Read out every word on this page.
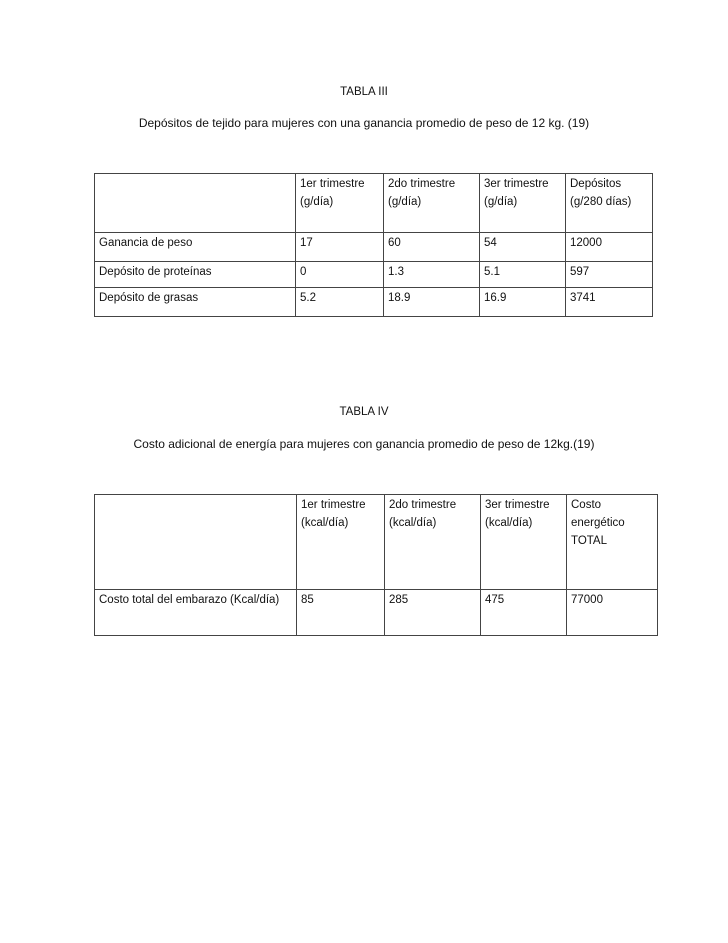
TABLA III
Depósitos de tejido para mujeres con una ganancia promedio de peso de 12 kg. (19)
	1er trimestre (g/día)	2do trimestre (g/día)	3er trimestre (g/día)	Depósitos (g/280 días)
Ganancia de peso	17	60	54	12000
Depósito de proteínas	0	1.3	5.1	597
Depósito de grasas	5.2	18.9	16.9	3741
TABLA IV
Costo adicional de energía para mujeres con ganancia promedio de peso de 12kg.(19)
	1er trimestre (kcal/día)	2do trimestre (kcal/día)	3er trimestre (kcal/día)	Costo energético TOTAL
Costo total del embarazo (Kcal/día)	85	285	475	77000
